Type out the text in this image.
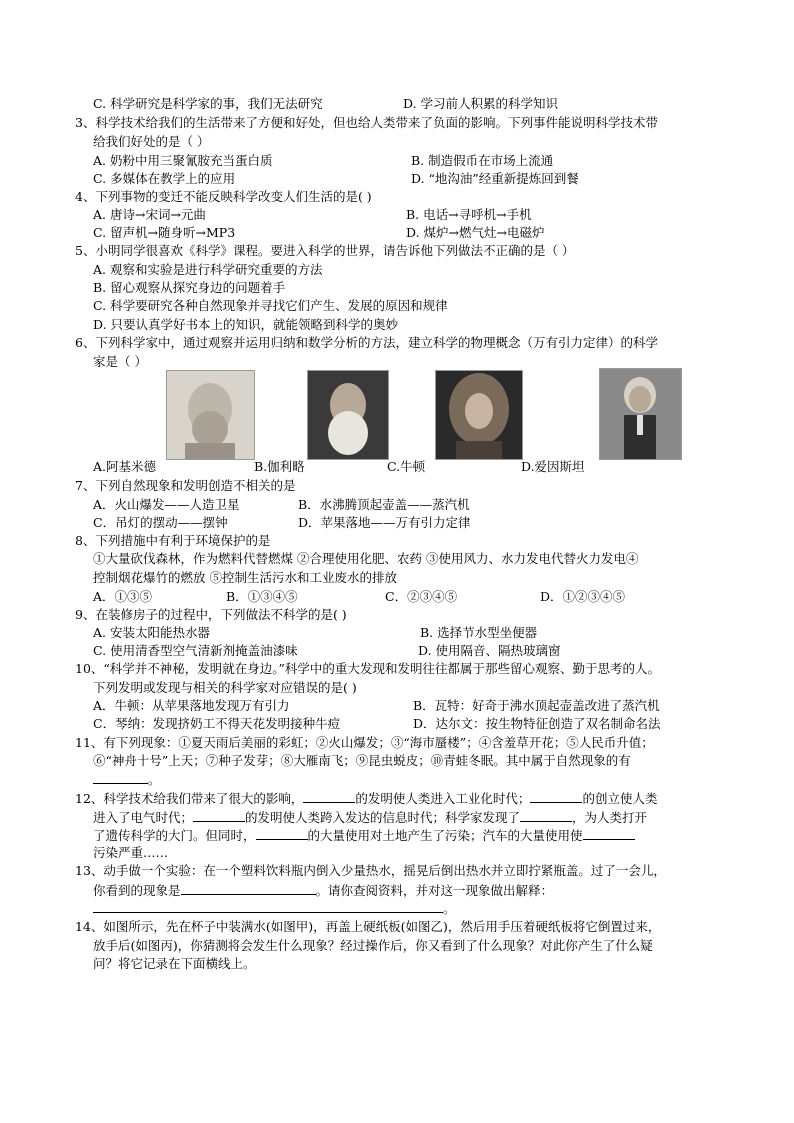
C. 科学研究是科学家的事，我们无法研究	D. 学习前人积累的科学知识
3、科学技术给我们的生活带来了方便和好处，但也给人类带来了负面的影响。下列事件能说明科学技术带
给我们好处的是（ ）
A. 奶粉中用三聚氰胺充当蛋白质	B. 制造假币在市场上流通
C. 多媒体在教学上的应用	D. “地沟油”经重新提炼回到餐
4、下列事物的变迁不能反映科学改变人们生活的是( )
A. 唐诗→宋词→元曲	B. 电话→寻呼机→手机
C. 留声机→随身听→MP3	D. 煤炉→燃气灶→电磁炉
5、小明同学很喜欢《科学》课程。要进入科学的世界，请告诉他下列做法不正确的是（ ）
A. 观察和实验是进行科学研究重要的方法
B. 留心观察从探究身边的问题着手
C. 科学要研究各种自然现象并寻找它们产生、发展的原因和规律
D. 只要认真学好书本上的知识，就能领略到科学的奥妙
6、下列科学家中，通过观察并运用归纳和数学分析的方法，建立科学的物理概念（万有引力定律）的科学
家是（ ）
A.阿基米德	B.伽利略	C.牛顿	D.爱因斯坦
7、下列自然现象和发明创造不相关的是
A．火山爆发——人造卫星	B．水沸腾顶起壶盖——蒸汽机
C．吊灯的摆动——摆钟	D．苹果落地——万有引力定律
8、下列措施中有利于环境保护的是
①大量砍伐森林，作为燃料代替燃煤 ②合理使用化肥、农药 ③使用风力、水力发电代替火力发电④
控制烟花爆竹的燃放 ⑤控制生活污水和工业废水的排放
A．①③⑤	B．①③④⑤	C．②③④⑤	D．①②③④⑤
9、在装修房子的过程中，下列做法不科学的是( )
A. 安装太阳能热水器	B. 选择节水型坐便器
C. 使用清香型空气清新剂掩盖油漆味	D. 使用隔音、隔热玻璃窗
10、“科学并不神秘，发明就在身边。”科学中的重大发现和发明往往都属于那些留心观察、勤于思考的人。
下列发明或发现与相关的科学家对应错误的是( )
A．牛顿：从苹果落地发现万有引力	B．瓦特：好奇于沸水顶起壶盖改进了蒸汽机
C．琴纳：发现挤奶工不得天花发明接种牛痘	D．达尔文：按生物特征创造了双名制命名法
11、有下列现象：①夏天雨后美丽的彩虹；②火山爆发；③“海市蜃楼”；④含羞草开花；⑤人民币升值；
⑥“神舟十号”上天；⑦种子发芽；⑧大雁南飞；⑨昆虫蜕皮；⑩青蛙冬眠。其中属于自然现象的有
。
12、科学技术给我们带来了很大的影响，	的发明使人类进入工业化时代；	的创立使人类
进入了电气时代；	的发明使人类跨入发达的信息时代；科学家发现了	，为人类打开
了遗传科学的大门。但同时，	的大量使用对土地产生了污染；汽车的大量使用使
污染严重……
13、动手做一个实验：在一个塑料饮料瓶内倒入少量热水，摇晃后倒出热水并立即拧紧瓶盖。过了一会儿，
你看到的现象是	。请你查阅资料，并对这一现象做出解释：
。
14、如图所示，先在杯子中装满水(如图甲)，再盖上硬纸板(如图乙)，然后用手压着硬纸板将它倒置过来，
放手后(如图丙)，你猜测将会发生什么现象？经过操作后，你又看到了什么现象？对此你产生了什么疑
问？将它记录在下面横线上。
